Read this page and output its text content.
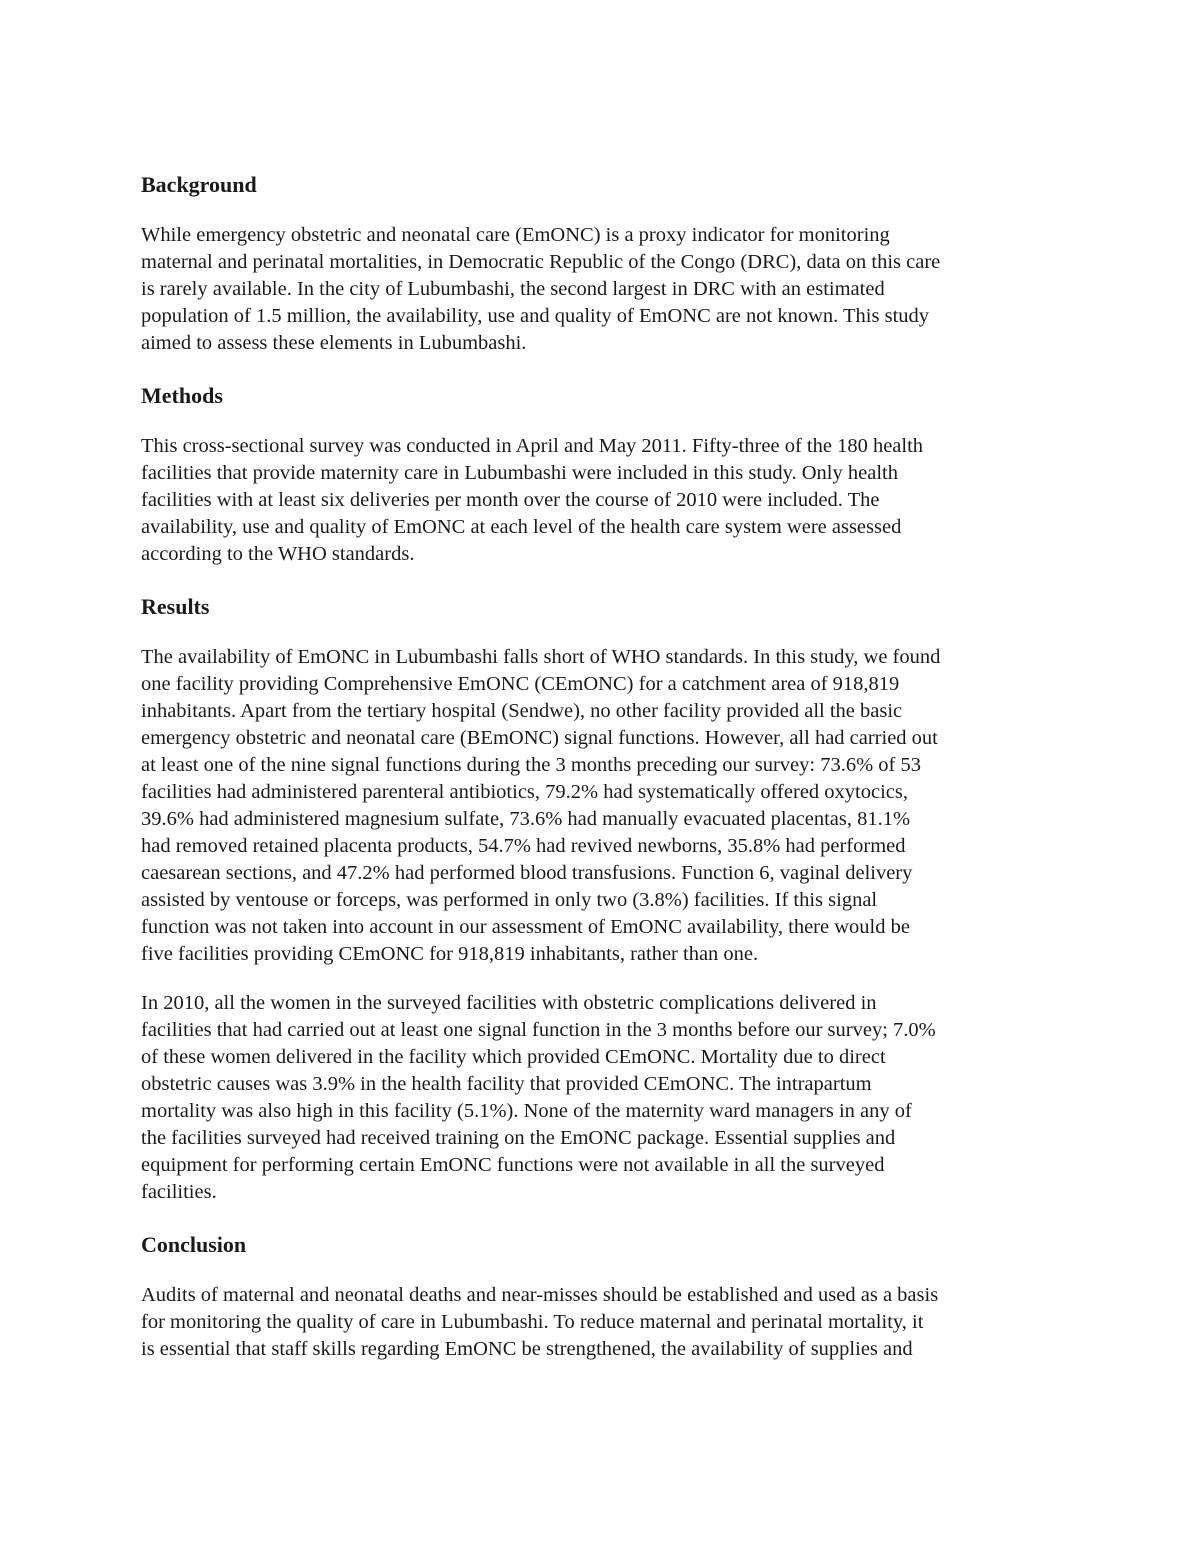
Background

While emergency obstetric and neonatal care (EmONC) is a proxy indicator for monitoring
maternal and perinatal mortalities, in Democratic Republic of the Congo (DRC), data on this care
is rarely available. In the city of Lubumbashi, the second largest in DRC with an estimated
population of 1.5 million, the availability, use and quality of EmONC are not known. This study
aimed to assess these elements in Lubumbashi.

Methods

This cross-sectional survey was conducted in April and May 2011. Fifty-three of the 180 health
facilities that provide maternity care in Lubumbashi were included in this study. Only health
facilities with at least six deliveries per month over the course of 2010 were included. The
availability, use and quality of EmONC at each level of the health care system were assessed
according to the WHO standards.

Results

The availability of EmONC in Lubumbashi falls short of WHO standards. In this study, we found
one facility providing Comprehensive EmONC (CEmONC) for a catchment area of 918,819
inhabitants. Apart from the tertiary hospital (Sendwe), no other facility provided all the basic
emergency obstetric and neonatal care (BEmONC) signal functions. However, all had carried out
at least one of the nine signal functions during the 3 months preceding our survey: 73.6% of 53
facilities had administered parenteral antibiotics, 79.2% had systematically offered oxytocics,
39.6% had administered magnesium sulfate, 73.6% had manually evacuated placentas, 81.1%
had removed retained placenta products, 54.7% had revived newborns, 35.8% had performed
caesarean sections, and 47.2% had performed blood transfusions. Function 6, vaginal delivery
assisted by ventouse or forceps, was performed in only two (3.8%) facilities. If this signal
function was not taken into account in our assessment of EmONC availability, there would be
five facilities providing CEmONC for 918,819 inhabitants, rather than one.

In 2010, all the women in the surveyed facilities with obstetric complications delivered in
facilities that had carried out at least one signal function in the 3 months before our survey; 7.0%
of these women delivered in the facility which provided CEmONC. Mortality due to direct
obstetric causes was 3.9% in the health facility that provided CEmONC. The intrapartum
mortality was also high in this facility (5.1%). None of the maternity ward managers in any of
the facilities surveyed had received training on the EmONC package. Essential supplies and
equipment for performing certain EmONC functions were not available in all the surveyed
facilities.

Conclusion

Audits of maternal and neonatal deaths and near-misses should be established and used as a basis
for monitoring the quality of care in Lubumbashi. To reduce maternal and perinatal mortality, it
is essential that staff skills regarding EmONC be strengthened, the availability of supplies and
